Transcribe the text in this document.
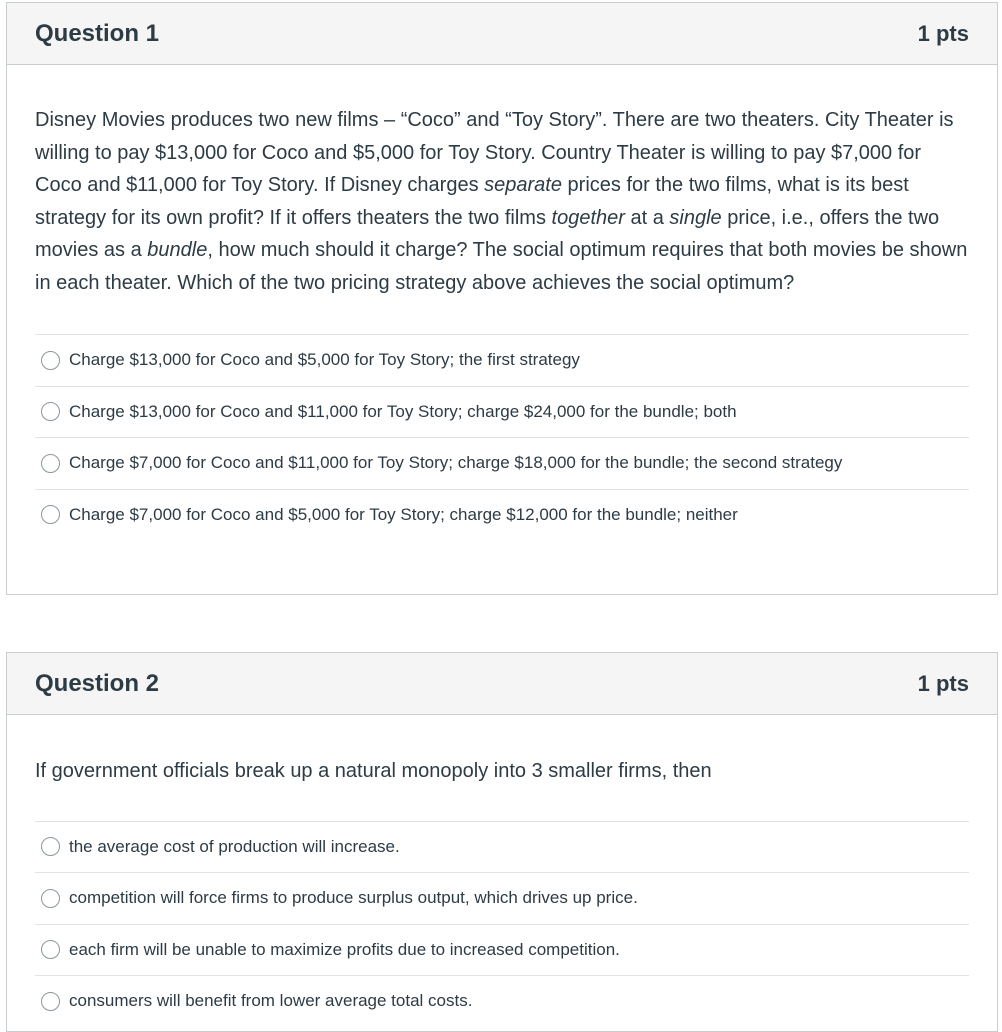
Question 1	1 pts
Disney Movies produces two new films – “Coco” and “Toy Story”. There are two theaters. City Theater is willing to pay $13,000 for Coco and $5,000 for Toy Story. Country Theater is willing to pay $7,000 for Coco and $11,000 for Toy Story. If Disney charges separate prices for the two films, what is its best strategy for its own profit? If it offers theaters the two films together at a single price, i.e., offers the two movies as a bundle, how much should it charge? The social optimum requires that both movies be shown in each theater. Which of the two pricing strategy above achieves the social optimum?
Charge $13,000 for Coco and $5,000 for Toy Story; the first strategy
Charge $13,000 for Coco and $11,000 for Toy Story; charge $24,000 for the bundle; both
Charge $7,000 for Coco and $11,000 for Toy Story; charge $18,000 for the bundle; the second strategy
Charge $7,000 for Coco and $5,000 for Toy Story; charge $12,000 for the bundle; neither
Question 2	1 pts
If government officials break up a natural monopoly into 3 smaller firms, then
the average cost of production will increase.
competition will force firms to produce surplus output, which drives up price.
each firm will be unable to maximize profits due to increased competition.
consumers will benefit from lower average total costs.
